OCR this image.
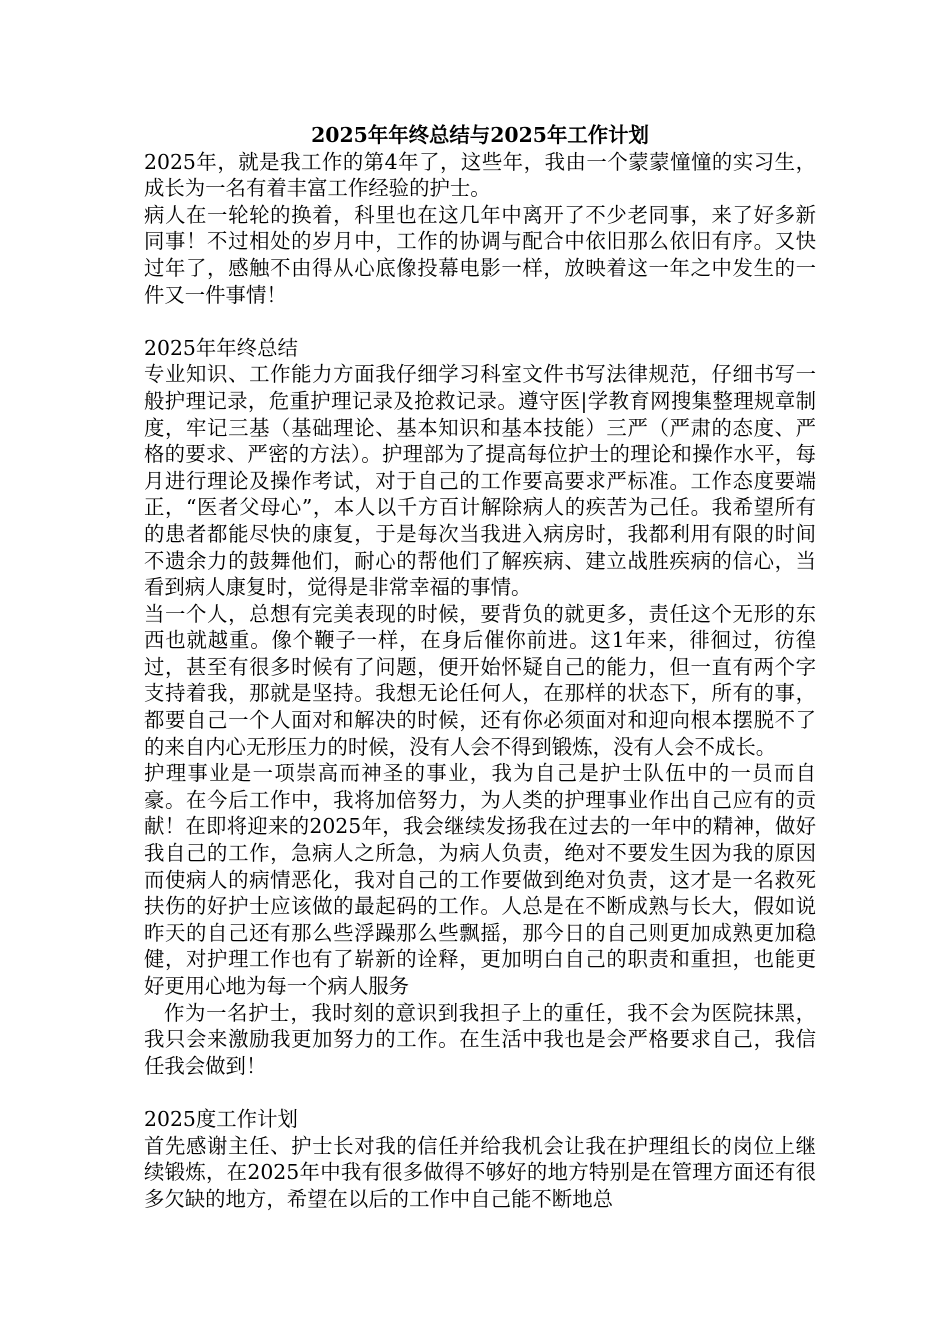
2025年年终总结与2025年工作计划

2025年，就是我工作的第4年了，这些年，我由一个蒙蒙憧憧的实习生，成长为一名有着丰富工作经验的护士。

病人在一轮轮的换着，科里也在这几年中离开了不少老同事，来了好多新同事！不过相处的岁月中，工作的协调与配合中依旧那么依旧有序。又快过年了，感触不由得从心底像投幕电影一样，放映着这一年之中发生的一件又一件事情！

2025年年终总结

专业知识、工作能力方面我仔细学习科室文件书写法律规范，仔细书写一般护理记录，危重护理记录及抢救记录。遵守医|学教育网搜集整理规章制度，牢记三基（基础理论、基本知识和基本技能）三严（严肃的态度、严格的要求、严密的方法）。护理部为了提高每位护士的理论和操作水平，每月进行理论及操作考试，对于自己的工作要高要求严标准。工作态度要端正，“医者父母心”，本人以千方百计解除病人的疾苦为己任。我希望所有的患者都能尽快的康复，于是每次当我进入病房时，我都利用有限的时间不遗余力的鼓舞他们，耐心的帮他们了解疾病、建立战胜疾病的信心，当看到病人康复时，觉得是非常幸福的事情。

当一个人，总想有完美表现的时候，要背负的就更多，责任这个无形的东西也就越重。像个鞭子一样，在身后催你前进。这1年来，徘徊过，彷徨过，甚至有很多时候有了问题，便开始怀疑自己的能力，但一直有两个字支持着我，那就是坚持。我想无论任何人，在那样的状态下，所有的事，都要自己一个人面对和解决的时候，还有你必须面对和迎向根本摆脱不了的来自内心无形压力的时候，没有人会不得到锻炼，没有人会不成长。

护理事业是一项崇高而神圣的事业，我为自己是护士队伍中的一员而自豪。在今后工作中，我将加倍努力，为人类的护理事业作出自己应有的贡献！在即将迎来的2025年，我会继续发扬我在过去的一年中的精神，做好我自己的工作，急病人之所急，为病人负责，绝对不要发生因为我的原因而使病人的病情恶化，我对自己的工作要做到绝对负责，这才是一名救死扶伤的好护士应该做的最起码的工作。人总是在不断成熟与长大，假如说昨天的自己还有那么些浮躁那么些飘摇，那今日的自己则更加成熟更加稳健，对护理工作也有了崭新的诠释，更加明白自己的职责和重担，也能更好更用心地为每一个病人服务

作为一名护士，我时刻的意识到我担子上的重任，我不会为医院抹黑，我只会来激励我更加努力的工作。在生活中我也是会严格要求自己，我信任我会做到！

2025度工作计划

首先感谢主任、护士长对我的信任并给我机会让我在护理组长的岗位上继续锻炼，在2025年中我有很多做得不够好的地方特别是在管理方面还有很多欠缺的地方，希望在以后的工作中自己能不断地总
